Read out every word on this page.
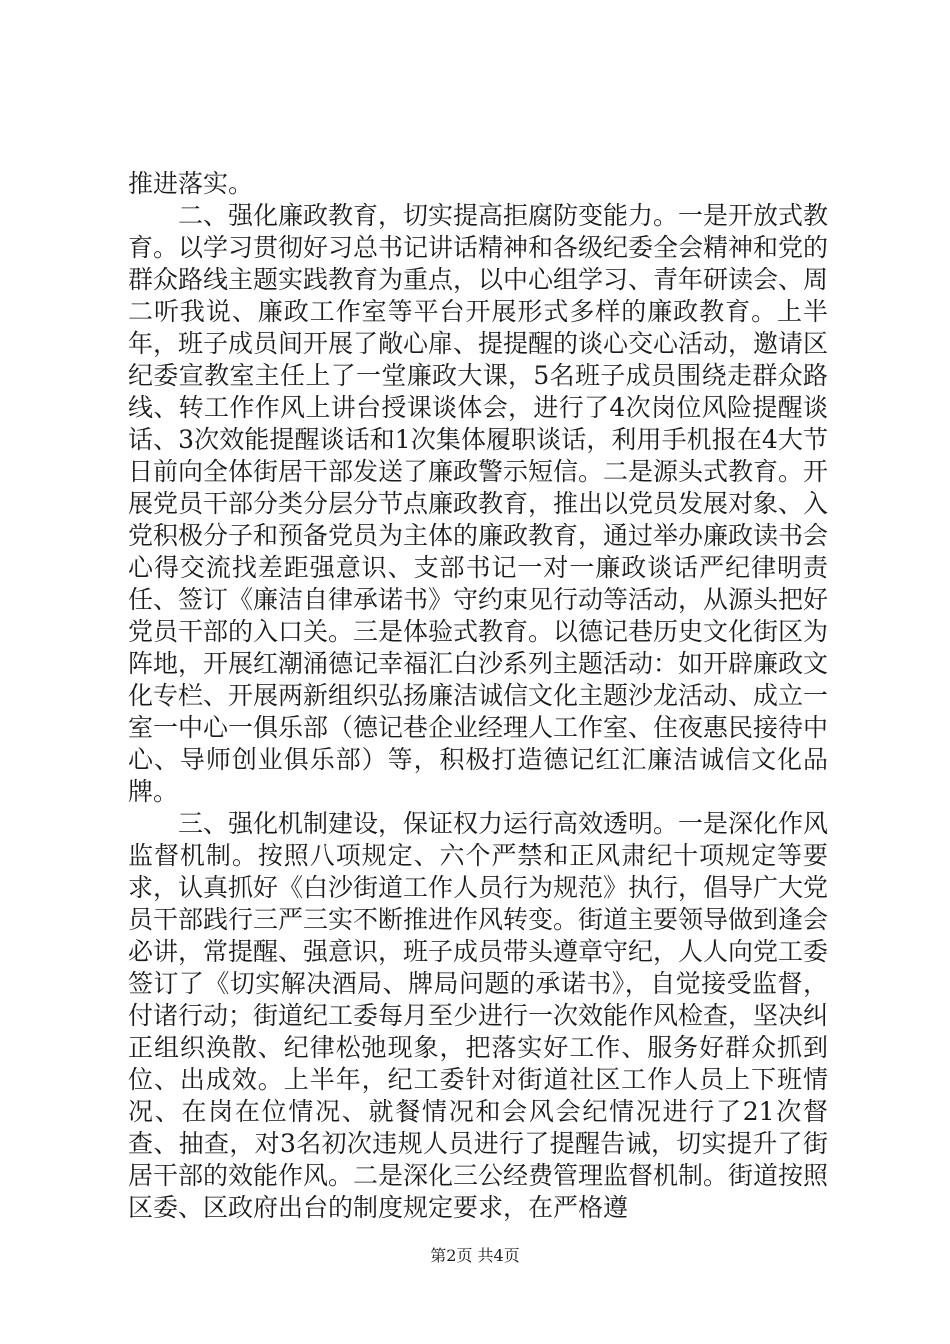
推进落实。

二、强化廉政教育，切实提高拒腐防变能力。一是开放式教育。以学习贯彻好习总书记讲话精神和各级纪委全会精神和党的群众路线主题实践教育为重点，以中心组学习、青年研读会、周二听我说、廉政工作室等平台开展形式多样的廉政教育。上半年，班子成员间开展了敞心扉、提提醒的谈心交心活动，邀请区纪委宣教室主任上了一堂廉政大课，5名班子成员围绕走群众路线、转工作作风上讲台授课谈体会，进行了4次岗位风险提醒谈话、3次效能提醒谈话和1次集体履职谈话，利用手机报在4大节日前向全体街居干部发送了廉政警示短信。二是源头式教育。开展党员干部分类分层分节点廉政教育，推出以党员发展对象、入党积极分子和预备党员为主体的廉政教育，通过举办廉政读书会心得交流找差距强意识、支部书记一对一廉政谈话严纪律明责任、签订《廉洁自律承诺书》守约束见行动等活动，从源头把好党员干部的入口关。三是体验式教育。以德记巷历史文化街区为阵地，开展红潮涌德记幸福汇白沙系列主题活动：如开辟廉政文化专栏、开展两新组织弘扬廉洁诚信文化主题沙龙活动、成立一室一中心一俱乐部（德记巷企业经理人工作室、住夜惠民接待中心、导师创业俱乐部）等，积极打造德记红汇廉洁诚信文化品牌。

三、强化机制建设，保证权力运行高效透明。一是深化作风监督机制。按照八项规定、六个严禁和正风肃纪十项规定等要求，认真抓好《白沙街道工作人员行为规范》执行，倡导广大党员干部践行三严三实不断推进作风转变。街道主要领导做到逢会必讲，常提醒、强意识，班子成员带头遵章守纪，人人向党工委签订了《切实解决酒局、牌局问题的承诺书》，自觉接受监督，付诸行动；街道纪工委每月至少进行一次效能作风检查，坚决纠正组织涣散、纪律松弛现象，把落实好工作、服务好群众抓到位、出成效。上半年，纪工委针对街道社区工作人员上下班情况、在岗在位情况、就餐情况和会风会纪情况进行了21次督查、抽查，对3名初次违规人员进行了提醒告诫，切实提升了街居干部的效能作风。二是深化三公经费管理监督机制。街道按照区委、区政府出台的制度规定要求，在严格遵

第2页 共4页
